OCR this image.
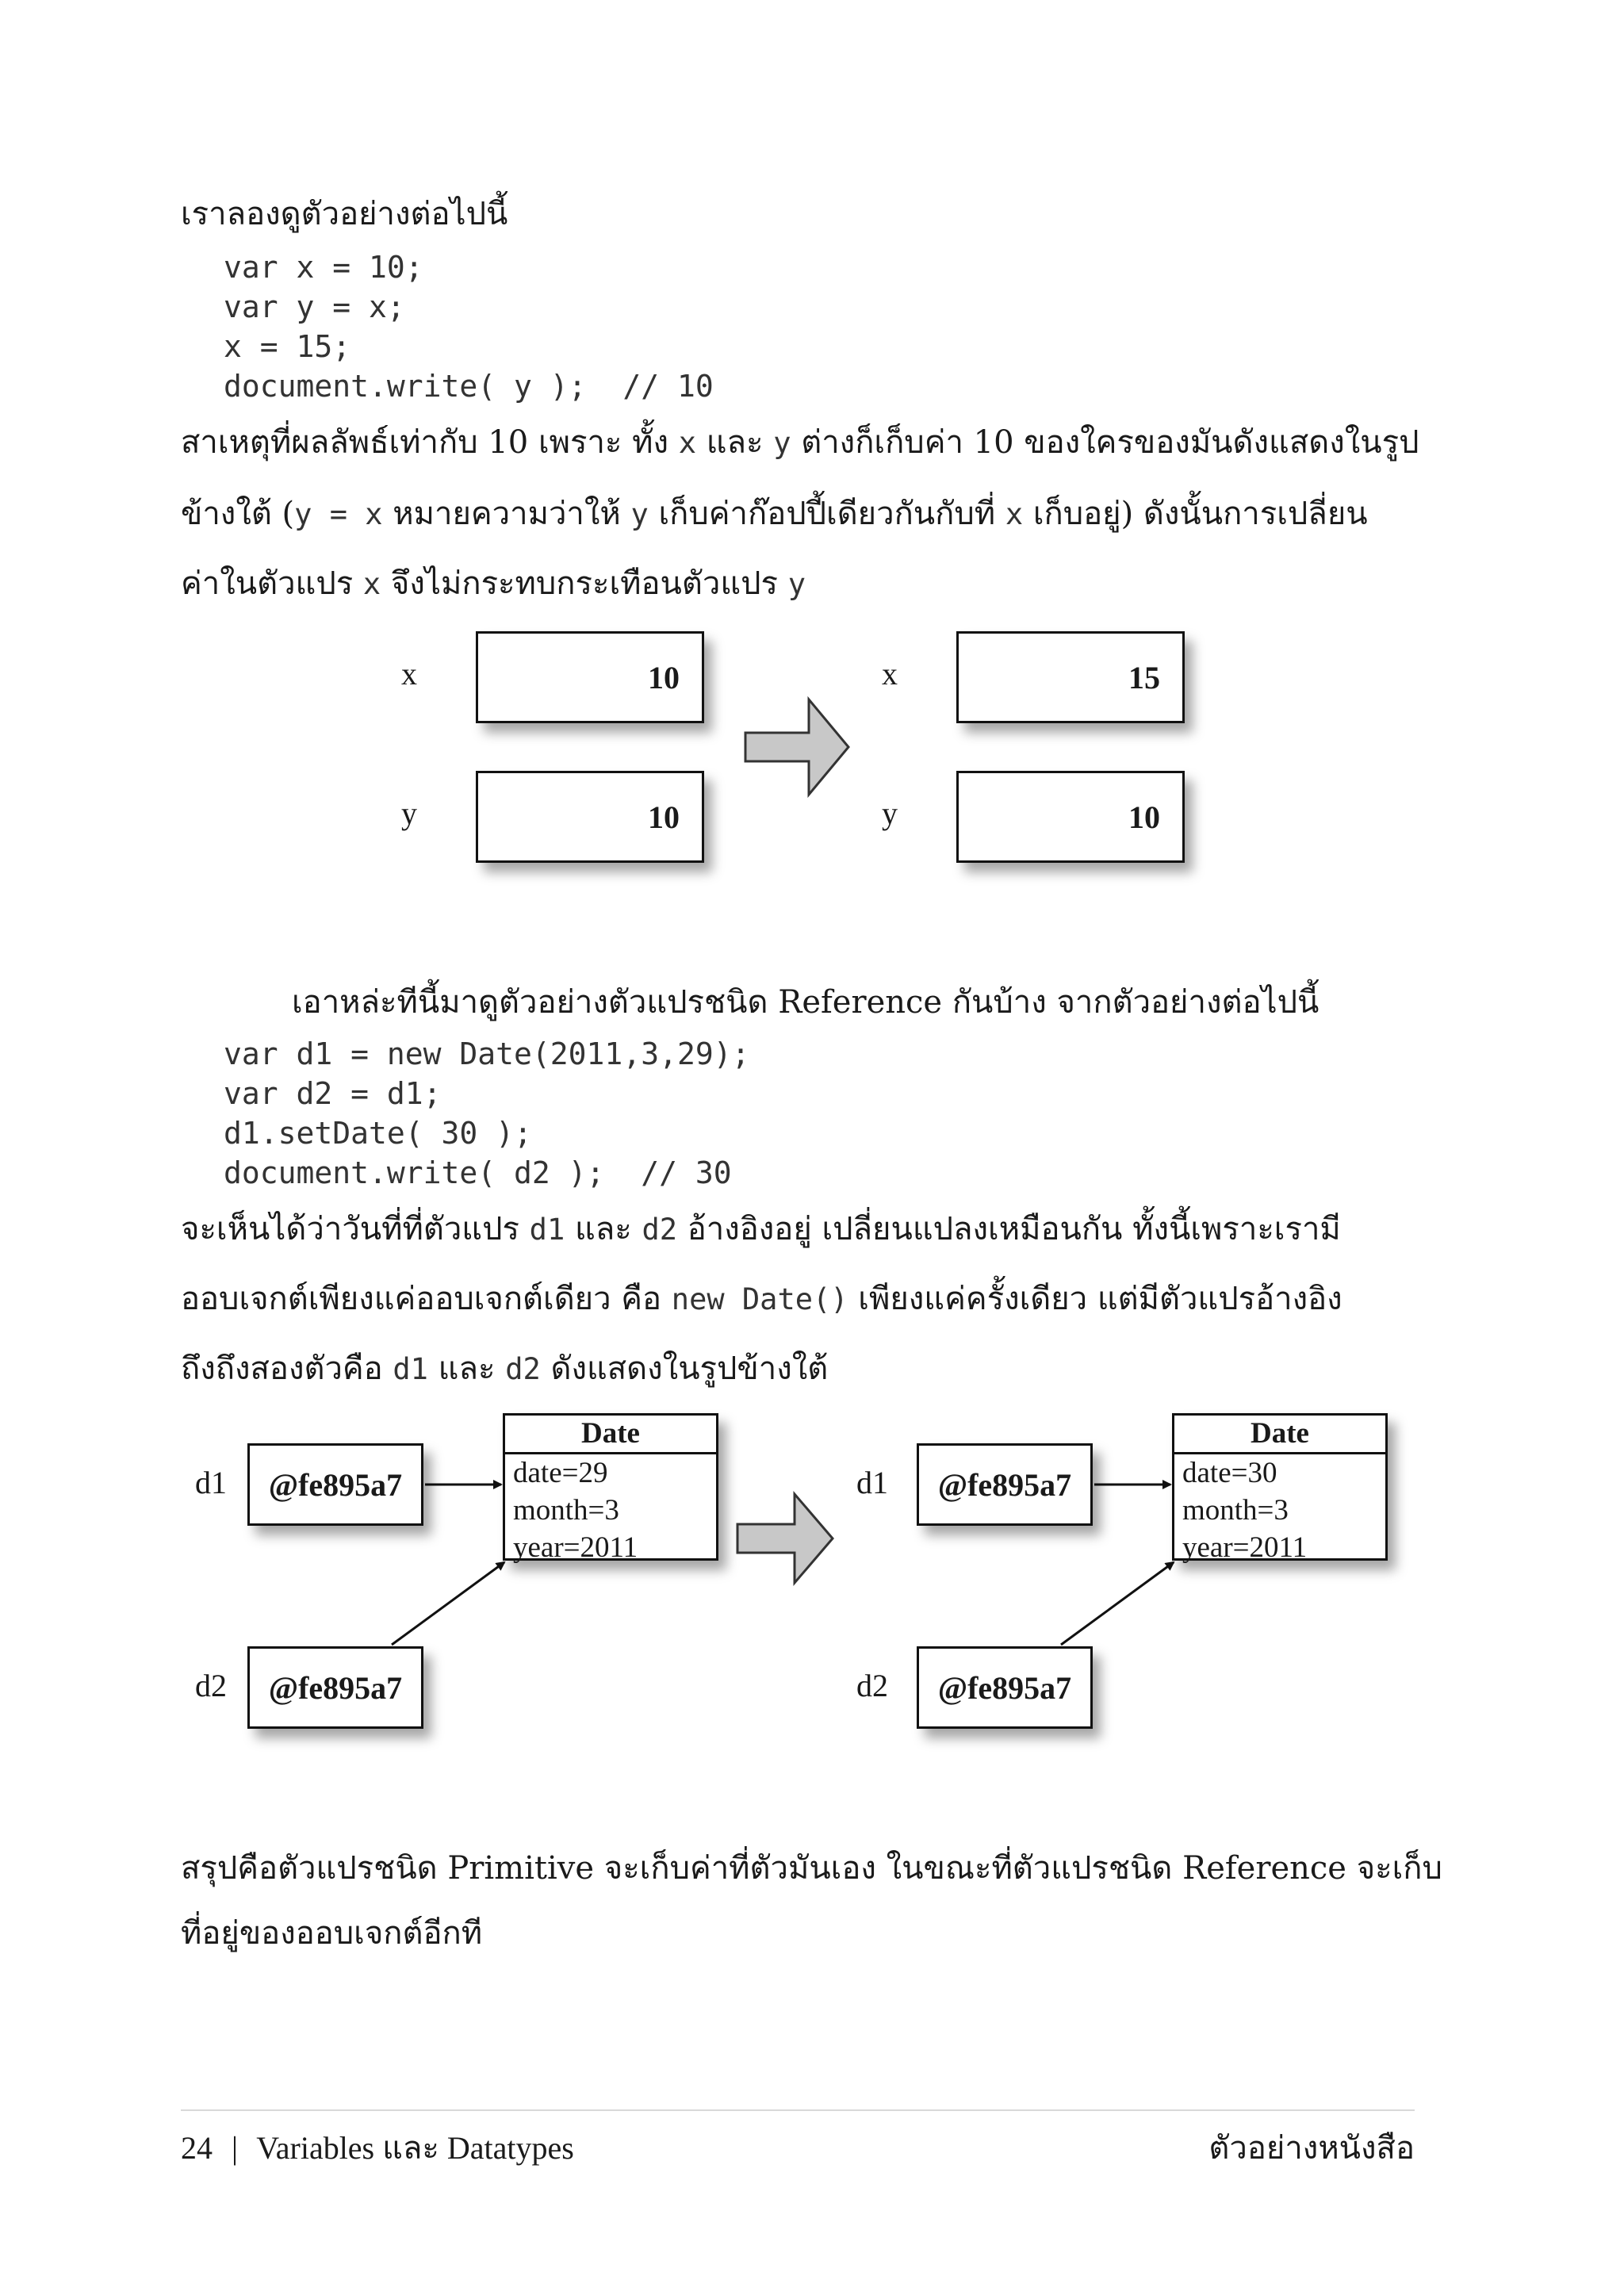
เราลองดูตัวอย่างต่อไปนี้
var x = 10;
var y = x;
x = 15;
document.write( y );  // 10
สาเหตุที่ผลลัพธ์เท่ากับ 10 เพราะ ทั้ง x และ y ต่างก็เก็บค่า 10 ของใครของมันดังแสดงในรูป
ข้างใต้ (y = x หมายความว่าให้ y เก็บค่าก๊อปปี้เดียวกันกับที่ x เก็บอยู่) ดังนั้นการเปลี่ยน
ค่าในตัวแปร x จึงไม่กระทบกระเทือนตัวแปร y
x	10
y	10
x	15
y	10
เอาหล่ะทีนี้มาดูตัวอย่างตัวแปรชนิด Reference กันบ้าง จากตัวอย่างต่อไปนี้
var d1 = new Date(2011,3,29);
var d2 = d1;
d1.setDate( 30 );
document.write( d2 );  // 30
จะเห็นได้ว่าวันที่ที่ตัวแปร d1 และ d2 อ้างอิงอยู่ เปลี่ยนแปลงเหมือนกัน ทั้งนี้เพราะเรามี
ออบเจกต์เพียงแค่ออบเจกต์เดียว คือ new Date() เพียงแค่ครั้งเดียว แต่มีตัวแปรอ้างอิง
ถึงถึงสองตัวคือ d1 และ d2 ดังแสดงในรูปข้างใต้
d1	@fe895a7
d2	@fe895a7
Date
date=29
month=3
year=2011
d1	@fe895a7
d2	@fe895a7
Date
date=30
month=3
year=2011
สรุปคือตัวแปรชนิด Primitive จะเก็บค่าที่ตัวมันเอง ในขณะที่ตัวแปรชนิด Reference จะเก็บ
ที่อยู่ของออบเจกต์อีกที
24 | Variables และ Datatypes	ตัวอย่างหนังสือ
